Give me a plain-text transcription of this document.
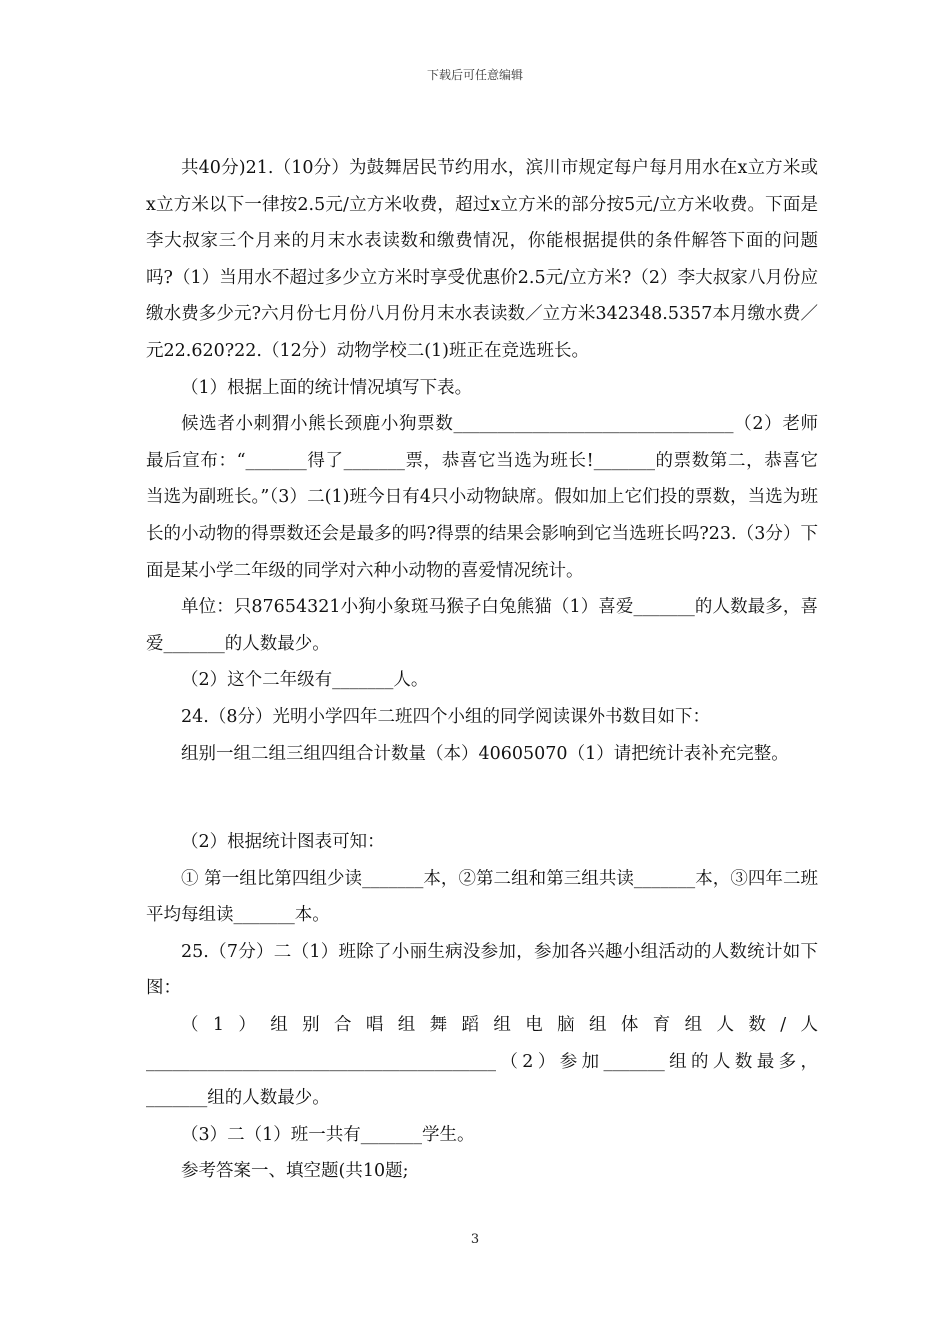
下载后可任意编辑

共40分)21.（10分）为鼓舞居民节约用水，滨川市规定每户每月用水在x立方米或x立方米以下一律按2.5元/立方米收费，超过x立方米的部分按5元/立方米收费。下面是李大叔家三个月来的月末水表读数和缴费情况，你能根据提供的条件解答下面的问题吗?（1）当用水不超过多少立方米时享受优惠价2.5元/立方米?（2）李大叔家八月份应缴水费多少元?六月份七月份八月份月末水表读数／立方米342348.5357本月缴水费／元22.620?22.（12分）动物学校二(1)班正在竞选班长。

（1）根据上面的统计情况填写下表。

候选者小刺猬小熊长颈鹿小狗票数________________________________（2）老师最后宣布：“_______得了_______票，恭喜它当选为班长!_______的票数第二，恭喜它当选为副班长。”（3）二(1)班今日有4只小动物缺席。假如加上它们投的票数，当选为班长的小动物的得票数还会是最多的吗?得票的结果会影响到它当选班长吗?23.（3分）下面是某小学二年级的同学对六种小动物的喜爱情况统计。

单位：只87654321小狗小象斑马猴子白兔熊猫（1）喜爱_______的人数最多，喜爱_______的人数最少。

（2）这个二年级有_______人。

24.（8分）光明小学四年二班四个小组的同学阅读课外书数目如下：

组别一组二组三组四组合计数量（本）40605070（1）请把统计表补充完整。

（2）根据统计图表可知：

① 第一组比第四组少读_______本，②第二组和第三组共读_______本，③四年二班平均每组读_______本。

25.（7分）二（1）班除了小丽生病没参加，参加各兴趣小组活动的人数统计如下图：

（1）组别合唱组舞蹈组电脑组体育组人数/人________________________________________（2）参加_______组的人数最多，_______组的人数最少。

（3）二（1）班一共有_______学生。

参考答案一、填空题(共10题;

3
